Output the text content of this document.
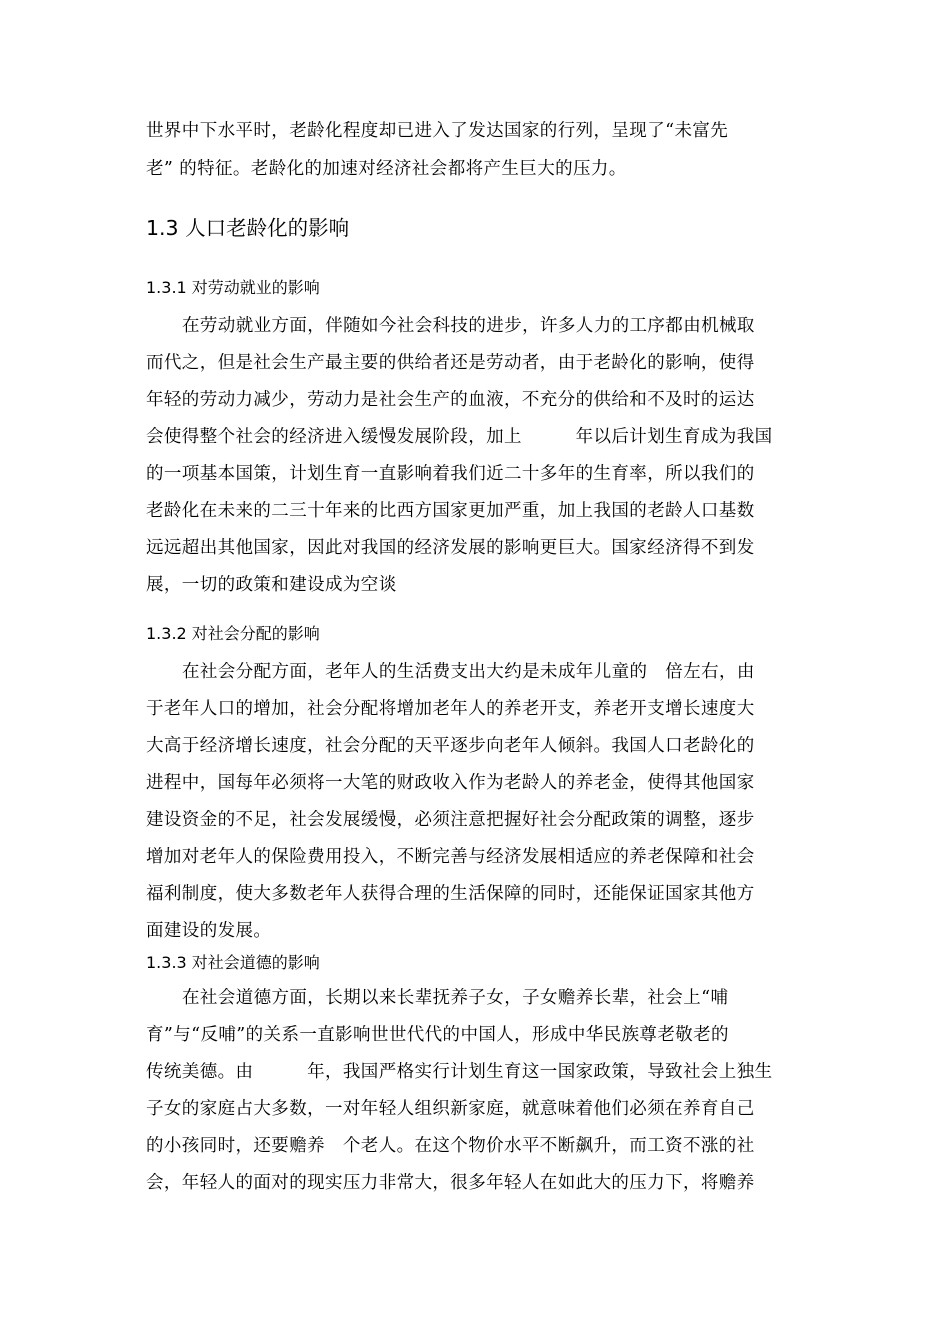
世界中下水平时，老龄化程度却已进入了发达国家的行列，呈现了“未富先
老” 的特征。老龄化的加速对经济社会都将产生巨大的压力。
1.3 人口老龄化的影响
1.3.1 对劳动就业的影响
在劳动就业方面，伴随如今社会科技的进步，许多人力的工序都由机械取
而代之，但是社会生产最主要的供给者还是劳动者，由于老龄化的影响，使得
年轻的劳动力减少，劳动力是社会生产的血液，不充分的供给和不及时的运达
会使得整个社会的经济进入缓慢发展阶段，加上　　　年以后计划生育成为我国
的一项基本国策，计划生育一直影响着我们近二十多年的生育率，所以我们的
老龄化在未来的二三十年来的比西方国家更加严重，加上我国的老龄人口基数
远远超出其他国家，因此对我国的经济发展的影响更巨大。国家经济得不到发
展，一切的政策和建设成为空谈
1.3.2 对社会分配的影响
在社会分配方面，老年人的生活费支出大约是未成年儿童的　倍左右，由
于老年人口的增加，社会分配将增加老年人的养老开支，养老开支增长速度大
大高于经济增长速度，社会分配的天平逐步向老年人倾斜。我国人口老龄化的
进程中，国每年必须将一大笔的财政收入作为老龄人的养老金，使得其他国家
建设资金的不足，社会发展缓慢，必须注意把握好社会分配政策的调整，逐步
增加对老年人的保险费用投入，不断完善与经济发展相适应的养老保障和社会
福利制度，使大多数老年人获得合理的生活保障的同时，还能保证国家其他方
面建设的发展。
1.3.3 对社会道德的影响
在社会道德方面，长期以来长辈抚养子女，子女赡养长辈，社会上“哺
育”与“反哺”的关系一直影响世世代代的中国人，形成中华民族尊老敬老的
传统美德。由　　　年，我国严格实行计划生育这一国家政策，导致社会上独生
子女的家庭占大多数，一对年轻人组织新家庭，就意味着他们必须在养育自己
的小孩同时，还要赡养　个老人。在这个物价水平不断飙升，而工资不涨的社
会，年轻人的面对的现实压力非常大，很多年轻人在如此大的压力下，将赡养
